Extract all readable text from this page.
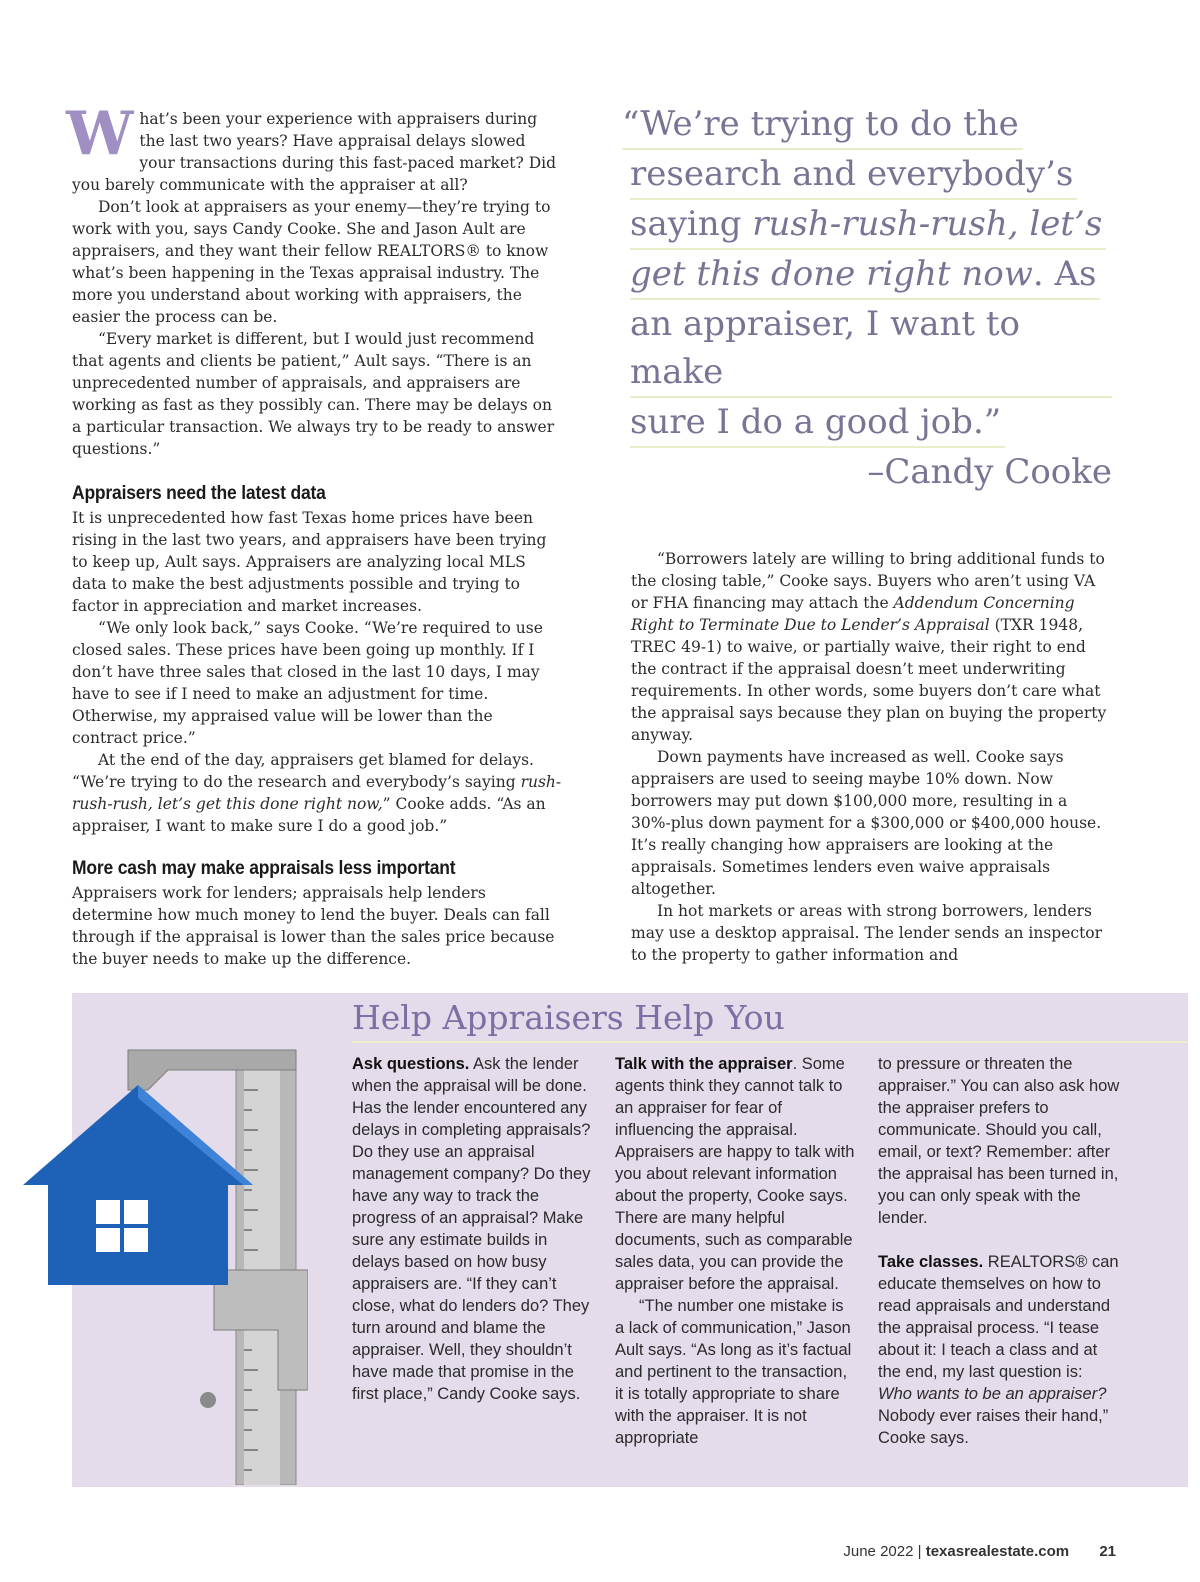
What’s been your experience with appraisers during the last two years? Have appraisal delays slowed your transactions during this fast-paced market? Did you barely communicate with the appraiser at all?

Don’t look at appraisers as your enemy—they’re trying to work with you, says Candy Cooke. She and Jason Ault are appraisers, and they want their fellow REALTORS® to know what’s been happening in the Texas appraisal industry. The more you understand about working with appraisers, the easier the process can be.

“Every market is different, but I would just recommend that agents and clients be patient,” Ault says. “There is an unprecedented number of appraisals, and appraisers are working as fast as they possibly can. There may be delays on a particular transaction. We always try to be ready to answer questions.”

Appraisers need the latest data

It is unprecedented how fast Texas home prices have been rising in the last two years, and appraisers have been trying to keep up, Ault says. Appraisers are analyzing local MLS data to make the best adjustments possible and trying to factor in appreciation and market increases.

“We only look back,” says Cooke. “We’re required to use closed sales. These prices have been going up monthly. If I don’t have three sales that closed in the last 10 days, I may have to see if I need to make an adjustment for time. Otherwise, my appraised value will be lower than the contract price.”

At the end of the day, appraisers get blamed for delays. “We’re trying to do the research and everybody’s saying rush-rush-rush, let’s get this done right now,” Cooke adds. “As an appraiser, I want to make sure I do a good job.”

More cash may make appraisals less important

Appraisers work for lenders; appraisals help lenders determine how much money to lend the buyer. Deals can fall through if the appraisal is lower than the sales price because the buyer needs to make up the difference.

“We’re trying to do the
research and everybody’s
saying rush-rush-rush, let’s
get this done right now. As
an appraiser, I want to make
sure I do a good job.”
–Candy Cooke

“Borrowers lately are willing to bring additional funds to the closing table,” Cooke says. Buyers who aren’t using VA or FHA financing may attach the Addendum Concerning Right to Terminate Due to Lender’s Appraisal (TXR 1948, TREC 49-1) to waive, or partially waive, their right to end the contract if the appraisal doesn’t meet underwriting requirements. In other words, some buyers don’t care what the appraisal says because they plan on buying the property anyway.

Down payments have increased as well. Cooke says appraisers are used to seeing maybe 10% down. Now borrowers may put down $100,000 more, resulting in a 30%-plus down payment for a $300,000 or $400,000 house. It’s really changing how appraisers are looking at the appraisals. Sometimes lenders even waive appraisals altogether.

In hot markets or areas with strong borrowers, lenders may use a desktop appraisal. The lender sends an inspector to the property to gather information and

Help Appraisers Help You

Ask questions. Ask the lender when the appraisal will be done. Has the lender encountered any delays in completing appraisals? Do they use an appraisal management company? Do they have any way to track the progress of an appraisal? Make sure any estimate builds in delays based on how busy appraisers are. “If they can’t close, what do lenders do? They turn around and blame the appraiser. Well, they shouldn’t have made that promise in the first place,” Candy Cooke says.

Talk with the appraiser. Some agents think they cannot talk to an appraiser for fear of influencing the appraisal. Appraisers are happy to talk with you about relevant information about the property, Cooke says. There are many helpful documents, such as comparable sales data, you can provide the appraiser before the appraisal.

“The number one mistake is a lack of communication,” Jason Ault says. “As long as it’s factual and pertinent to the transaction, it is totally appropriate to share with the appraiser. It is not appropriate

to pressure or threaten the appraiser.” You can also ask how the appraiser prefers to communicate. Should you call, email, or text? Remember: after the appraisal has been turned in, you can only speak with the lender.

Take classes. REALTORS® can educate themselves on how to read appraisals and understand the appraisal process. “I tease about it: I teach a class and at the end, my last question is: Who wants to be an appraiser? Nobody ever raises their hand,” Cooke says.

June 2022 | texasrealestate.com 21
